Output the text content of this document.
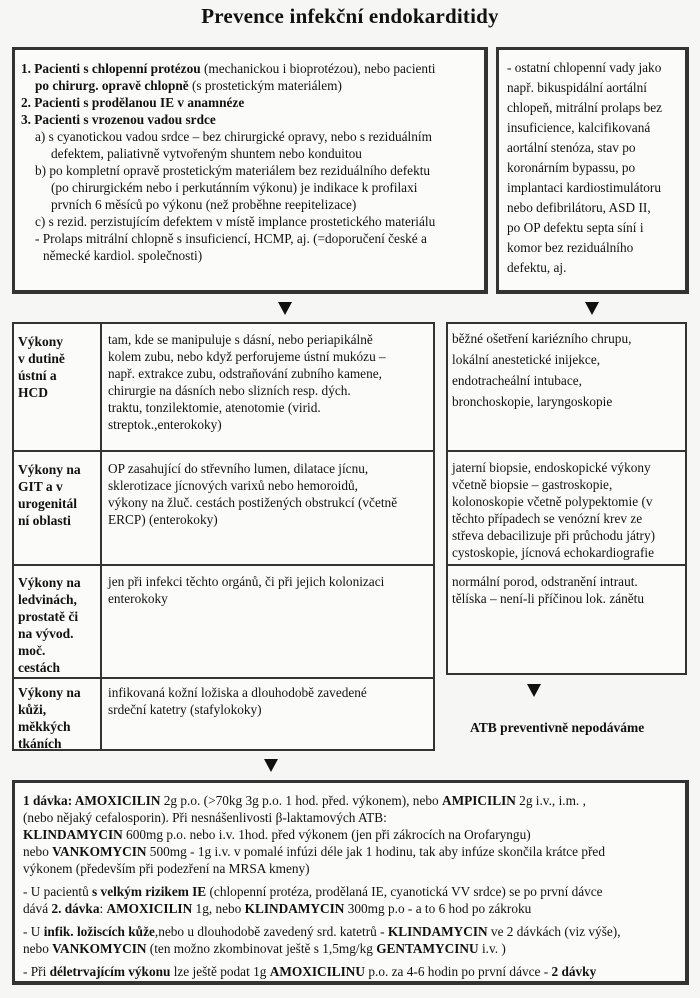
Prevence infekční endokarditidy

1. Pacienti s chlopenní protézou (mechanickou i bioprotézou), nebo pacienti

po chirurg. opravě chlopně (s prostetickým materiálem)

2. Pacienti s prodělanou IE v anamnéze

3. Pacienti s vrozenou vadou srdce

a) s cyanotickou vadou srdce – bez chirurgické opravy, nebo s reziduálním

defektem, paliativně vytvořeným shuntem nebo konduitou

b) po kompletní opravě prostetickým materiálem bez reziduálního defektu

(po chirurgickém nebo i perkutánním výkonu) je indikace k profilaxi

prvních 6 měsíců po výkonu (než proběhne reepitelizace)

c) s rezid. perzistujícím defektem v místě implance prostetického materiálu

- Prolaps mitrální chlopně s insuficiencí, HCMP, aj. (=doporučení české a

německé kardiol. společnosti)

- ostatní chlopenní vady jako
např. bikuspidální aortální
chlopeň, mitrální prolaps bez
insuficience, kalcifikovaná
aortální stenóza, stav po
koronárním bypassu, po
implantaci kardiostimulátoru
nebo defibrilátoru, ASD II,
po OP defektu septa síní i
komor bez reziduálního
defektu, aj.
Výkony
v dutině
ústní a
HCD
tam, kde se manipuluje s dásní, nebo periapikálně
kolem zubu, nebo když perforujeme ústní mukózu –
např. extrakce zubu, odstraňování zubního kamene,
chirurgie na dásních nebo slizních resp. dých.
traktu, tonzilektomie, atenotomie (virid.
streptok.,enterokoky)
běžné ošetření kariézního chrupu,
lokální anestetické inijekce,
endotracheální intubace,
bronchoskopie, laryngoskopie
Výkony na
GIT a v
urogenitál
ní oblasti
OP zasahující do střevního lumen, dilatace jícnu,
sklerotizace jícnových varixů nebo hemoroidů,
výkony na žluč. cestách postižených obstrukcí (včetně
ERCP) (enterokoky)
jaterní biopsie, endoskopické výkony
včetně biopsie – gastroskopie,
kolonoskopie včetně polypektomie (v
těchto případech se venózní krev ze
střeva debacilizuje při průchodu játry)
cystoskopie, jícnová echokardiografie
Výkony na
ledvinách,
prostatě či
na vývod.
moč.
cestách
jen při infekci těchto orgánů, či při jejich kolonizaci
enterokoky
normální porod, odstranění intraut.
tělíska – není-li příčinou lok. zánětu
Výkony na
kůži,
měkkých
tkáních
infikovaná kožní ložiska a dlouhodobě zavedené
srdeční katetry (stafylokoky)
ATB preventivně nepodáváme

1 dávka: AMOXICILIN 2g p.o. (>70kg 3g p.o. 1 hod. před. výkonem), nebo AMPICILIN 2g i.v., i.m. ,

(nebo nějaký cefalosporin). Při nesnášenlivosti β-laktamových ATB:

KLINDAMYCIN 600mg p.o. nebo i.v. 1hod. před výkonem (jen při zákrocích na Orofaryngu)

nebo VANKOMYCIN 500mg - 1g i.v. v pomalé infúzi déle jak 1 hodinu, tak aby infúze skončila krátce před

výkonem (především při podezření na MRSA kmeny)

- U pacientů s velkým rizikem IE (chlopenní protéza, prodělaná IE, cyanotická VV srdce) se po první dávce

dává 2. dávka: AMOXICILIN 1g, nebo KLINDAMYCIN 300mg p.o - a to 6 hod po zákroku

- U infik. ložiscích kůže,nebo u dlouhodobě zavedený srd. katetrů - KLINDAMYCIN ve 2 dávkách (viz výše),

nebo VANKOMYCIN (ten možno zkombinovat ještě s 1,5mg/kg GENTAMYCINU i.v. )

- Při déletrvajícím výkonu lze ještě podat 1g AMOXICILINU p.o. za 4-6 hodin po první dávce - 2 dávky
